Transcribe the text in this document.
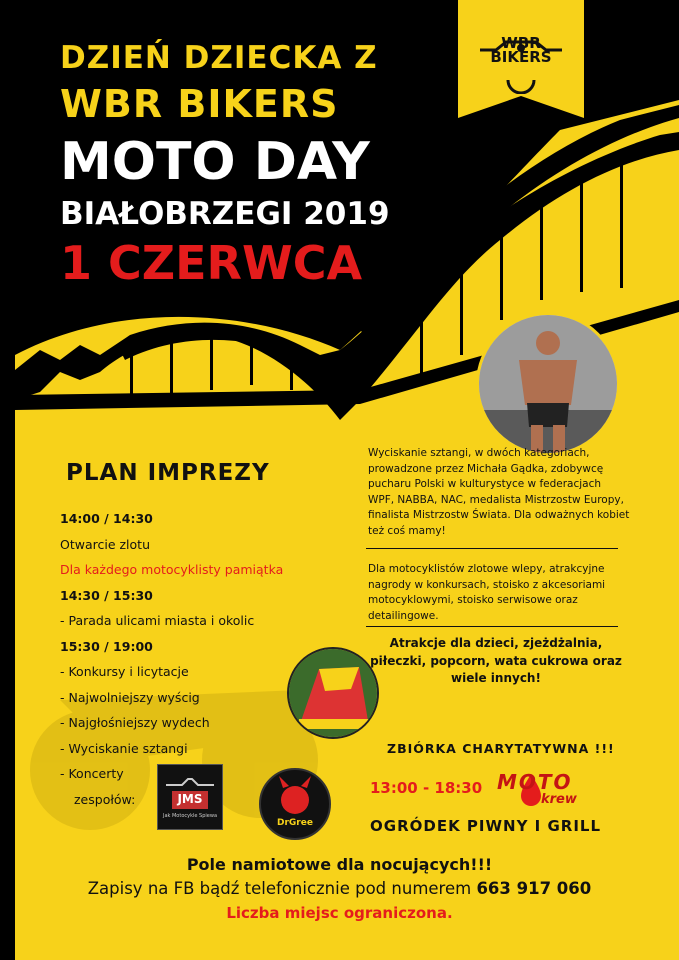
WBR
BIKERS
DZIEŃ DZIECKA Z
WBR BIKERS
MOTO DAY
BIAŁOBRZEGI 2019
1 CZERWCA
PLAN IMPREZY
14:00 / 14:30
Otwarcie zlotu
Dla każdego motocyklisty pamiątka
14:30 / 15:30
- Parada ulicami miasta i okolic
15:30 / 19:00
- Konkursy i licytacje
- Najwolniejszy wyścig
- Najgłośniejszy wydech
- Wyciskanie sztangi
- Koncerty
zespołów:	JMS
Jak Motocykle Spiewa
DrGree
Wyciskanie sztangi, w dwóch kategoriach, prowadzone przez Michała Gądka, zdobywcę pucharu Polski w kulturystyce w federacjach WPF, NABBA, NAC, medalista Mistrzostw Europy, finalista Mistrzostw Świata. Dla odważnych kobiet też coś mamy!
Dla motocyklistów zlotowe wlepy, atrakcyjne nagrody w konkursach, stoisko z akcesoriami motocyklowymi, stoisko serwisowe oraz detailingowe.
Atrakcje dla dzieci, zjeżdżalnia, piłeczki, popcorn, wata cukrowa oraz wiele innych!
ZBIÓRKA CHARYTATYWNA !!!
13:00 - 18:30 MOTO
krew
OGRÓDEK PIWNY I GRILL
Pole namiotowe dla nocujących!!!
Zapisy na FB bądź telefonicznie pod numerem 663 917 060
Liczba miejsc ograniczona.
